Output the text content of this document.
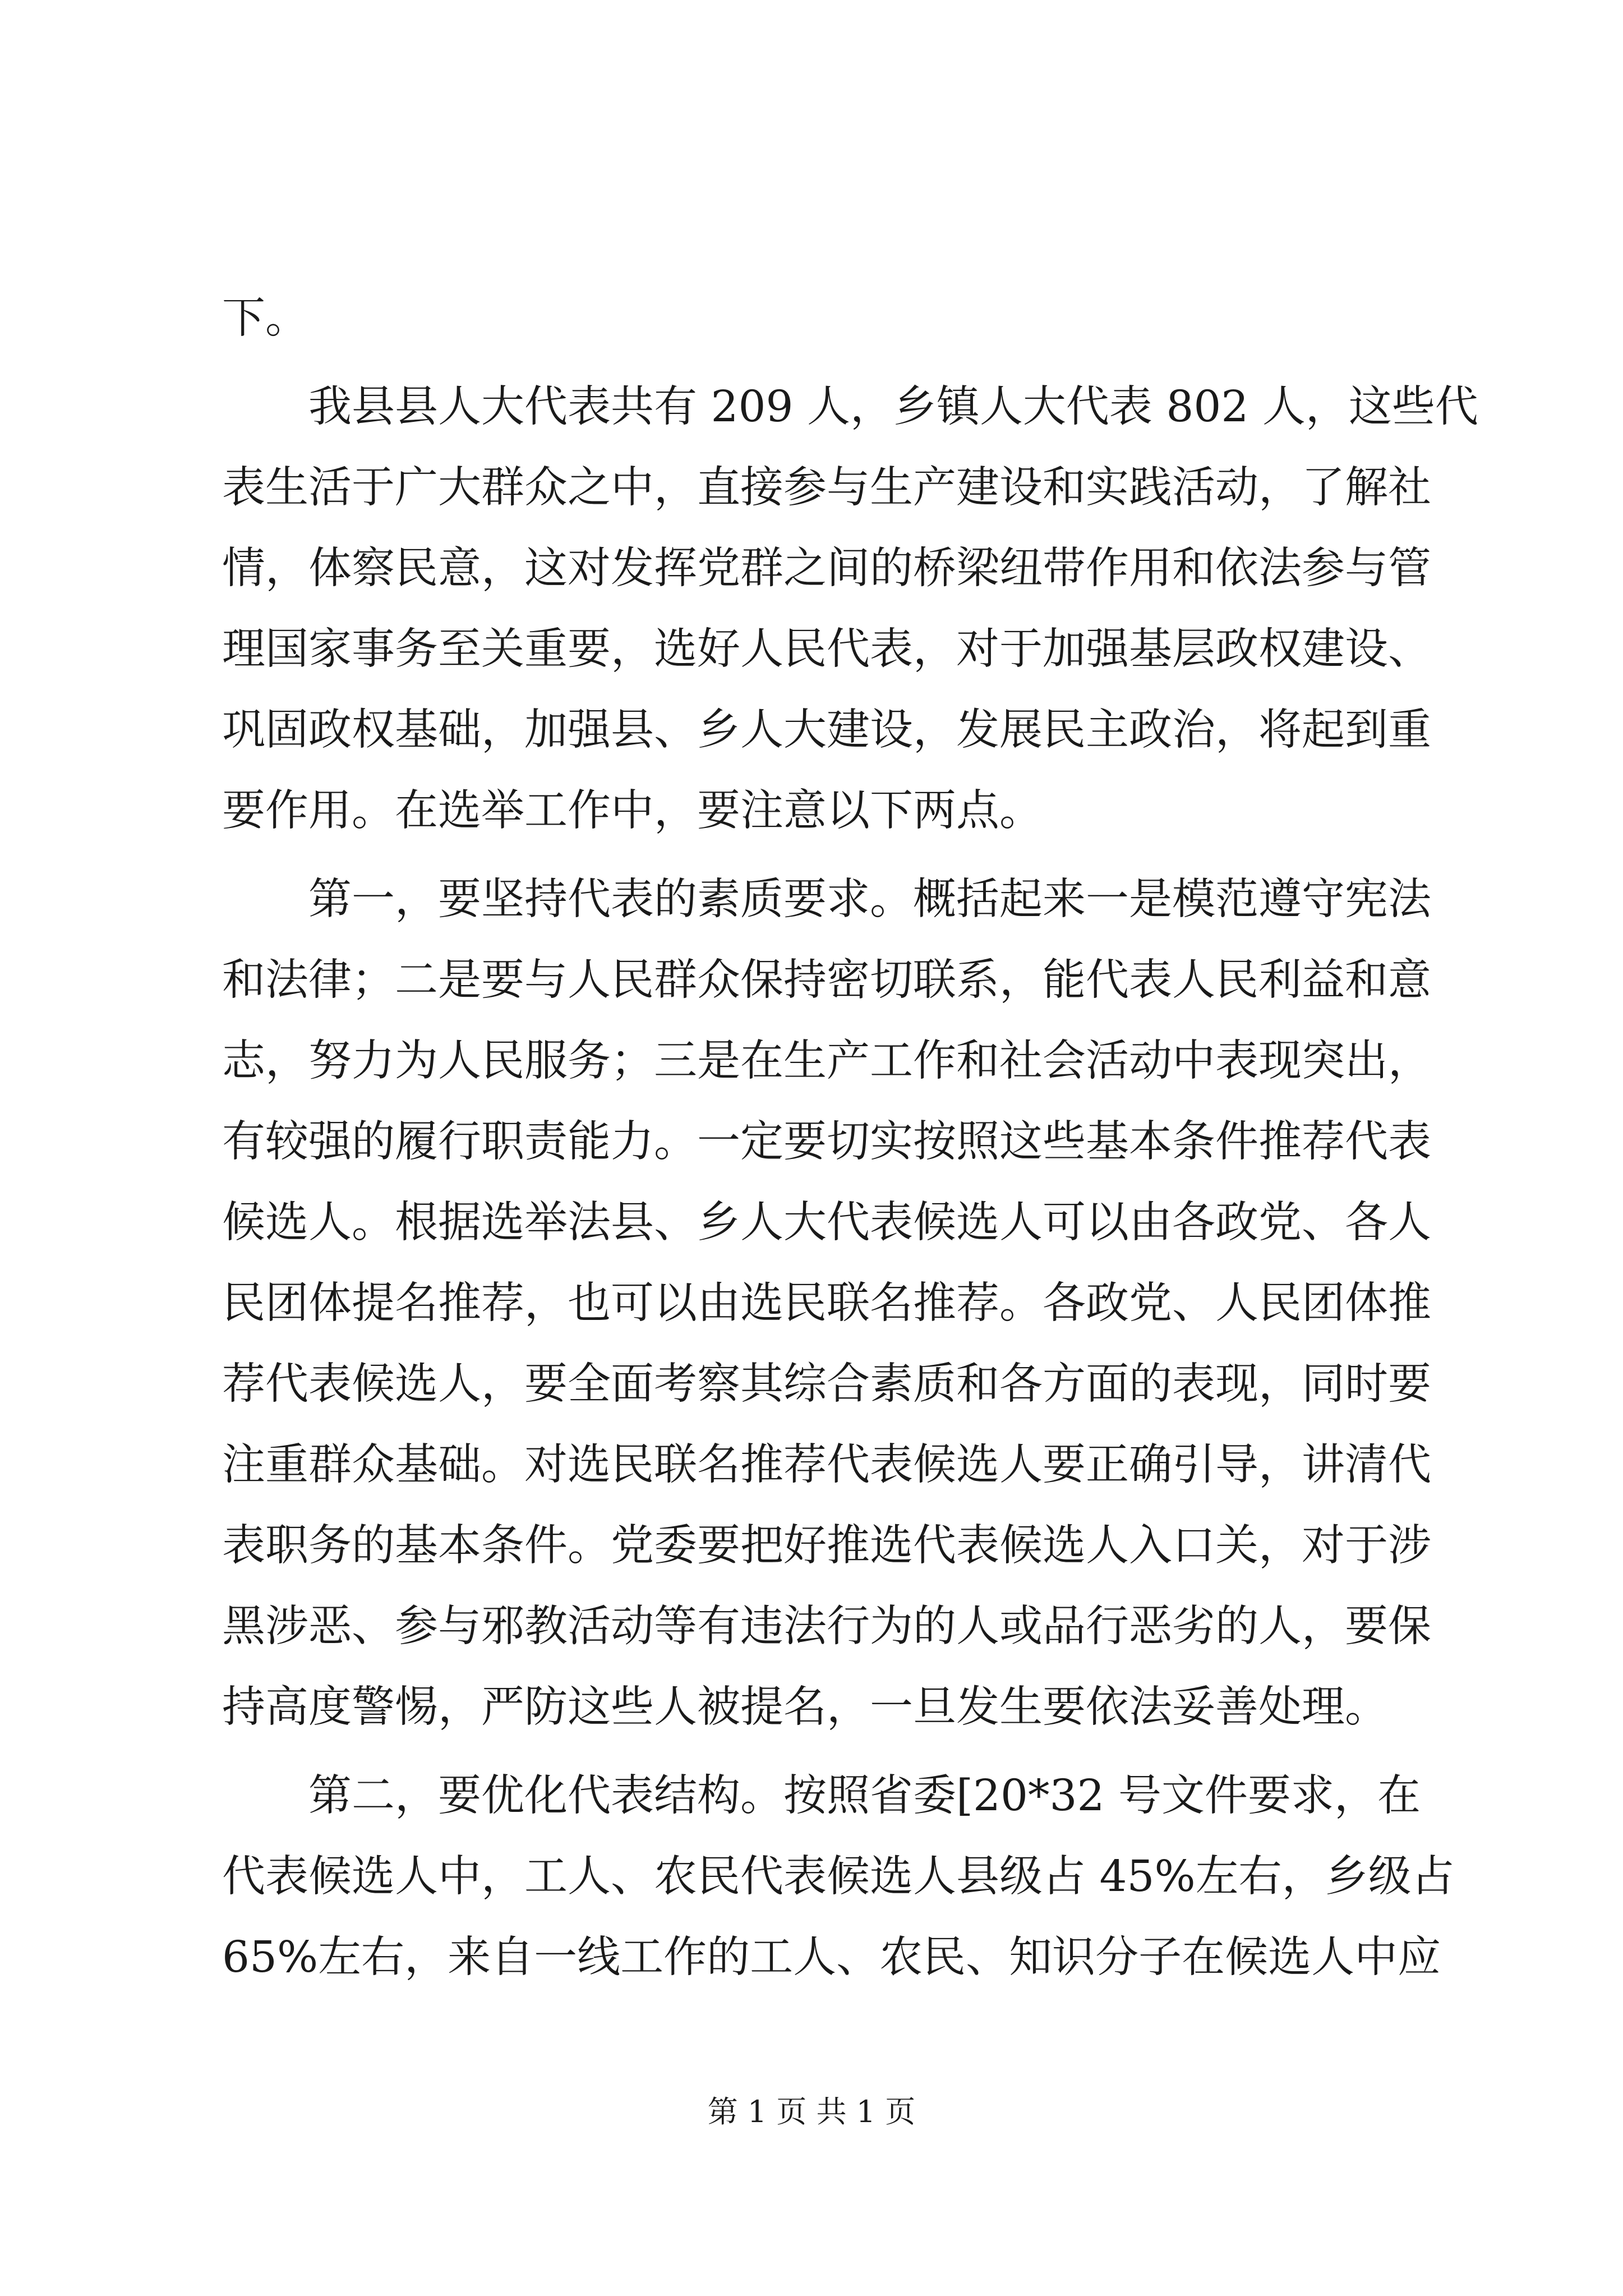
下。
我县县人大代表共有 209 人，乡镇人大代表 802 人，这些代
表生活于广大群众之中，直接参与生产建设和实践活动，了解社
情，体察民意，这对发挥党群之间的桥梁纽带作用和依法参与管
理国家事务至关重要，选好人民代表，对于加强基层政权建设、
巩固政权基础，加强县、乡人大建设，发展民主政治，将起到重
要作用。在选举工作中，要注意以下两点。
第一，要坚持代表的素质要求。概括起来一是模范遵守宪法
和法律；二是要与人民群众保持密切联系，能代表人民利益和意
志，努力为人民服务；三是在生产工作和社会活动中表现突出，
有较强的履行职责能力。一定要切实按照这些基本条件推荐代表
候选人。根据选举法县、乡人大代表候选人可以由各政党、各人
民团体提名推荐，也可以由选民联名推荐。各政党、人民团体推
荐代表候选人，要全面考察其综合素质和各方面的表现，同时要
注重群众基础。对选民联名推荐代表候选人要正确引导，讲清代
表职务的基本条件。党委要把好推选代表候选人入口关，对于涉
黑涉恶、参与邪教活动等有违法行为的人或品行恶劣的人，要保
持高度警惕，严防这些人被提名，一旦发生要依法妥善处理。
第二，要优化代表结构。按照省委[20*32 号文件要求，在
代表候选人中，工人、农民代表候选人县级占 45%左右，乡级占
65%左右，来自一线工作的工人、农民、知识分子在候选人中应
第 1 页 共 1 页
